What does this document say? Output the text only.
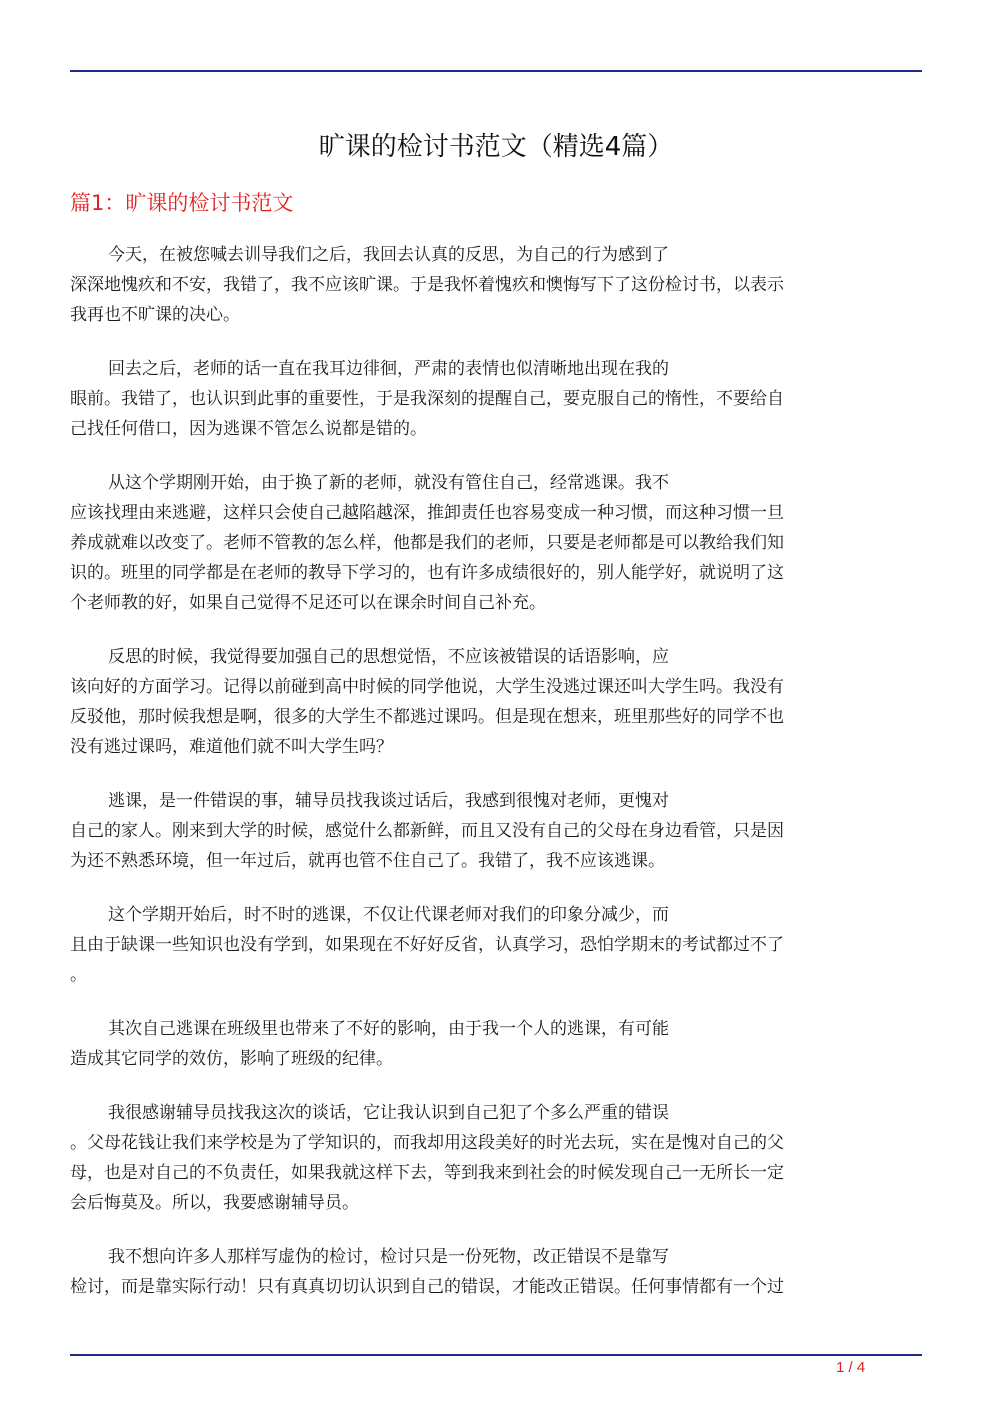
旷课的检讨书范文（精选4篇）
篇1：旷课的检讨书范文

今天，在被您喊去训导我们之后，我回去认真的反思，为自己的行为感到了
深深地愧疚和不安，我错了，我不应该旷课。于是我怀着愧疚和懊悔写下了这份检讨书，以表示
我再也不旷课的决心。

回去之后，老师的话一直在我耳边徘徊，严肃的表情也似清晰地出现在我的
眼前。我错了，也认识到此事的重要性，于是我深刻的提醒自己，要克服自己的惰性，不要给自
己找任何借口，因为逃课不管怎么说都是错的。

从这个学期刚开始，由于换了新的老师，就没有管住自己，经常逃课。我不
应该找理由来逃避，这样只会使自己越陷越深，推卸责任也容易变成一种习惯，而这种习惯一旦
养成就难以改变了。老师不管教的怎么样，他都是我们的老师，只要是老师都是可以教给我们知
识的。班里的同学都是在老师的教导下学习的，也有许多成绩很好的，别人能学好，就说明了这
个老师教的好，如果自己觉得不足还可以在课余时间自己补充。

反思的时候，我觉得要加强自己的思想觉悟，不应该被错误的话语影响，应
该向好的方面学习。记得以前碰到高中时候的同学他说，大学生没逃过课还叫大学生吗。我没有
反驳他，那时候我想是啊，很多的大学生不都逃过课吗。但是现在想来，班里那些好的同学不也
没有逃过课吗，难道他们就不叫大学生吗？

逃课，是一件错误的事，辅导员找我谈过话后，我感到很愧对老师，更愧对
自己的家人。刚来到大学的时候，感觉什么都新鲜，而且又没有自己的父母在身边看管，只是因
为还不熟悉环境，但一年过后，就再也管不住自己了。我错了，我不应该逃课。

这个学期开始后，时不时的逃课，不仅让代课老师对我们的印象分减少，而
且由于缺课一些知识也没有学到，如果现在不好好反省，认真学习，恐怕学期末的考试都过不了
。

其次自己逃课在班级里也带来了不好的影响，由于我一个人的逃课，有可能
造成其它同学的效仿，影响了班级的纪律。

我很感谢辅导员找我这次的谈话，它让我认识到自己犯了个多么严重的错误
。父母花钱让我们来学校是为了学知识的，而我却用这段美好的时光去玩，实在是愧对自己的父
母，也是对自己的不负责任，如果我就这样下去，等到我来到社会的时候发现自己一无所长一定
会后悔莫及。所以，我要感谢辅导员。

我不想向许多人那样写虚伪的检讨，检讨只是一份死物，改正错误不是靠写
检讨，而是靠实际行动！只有真真切切认识到自己的错误，才能改正错误。任何事情都有一个过

1 / 4
